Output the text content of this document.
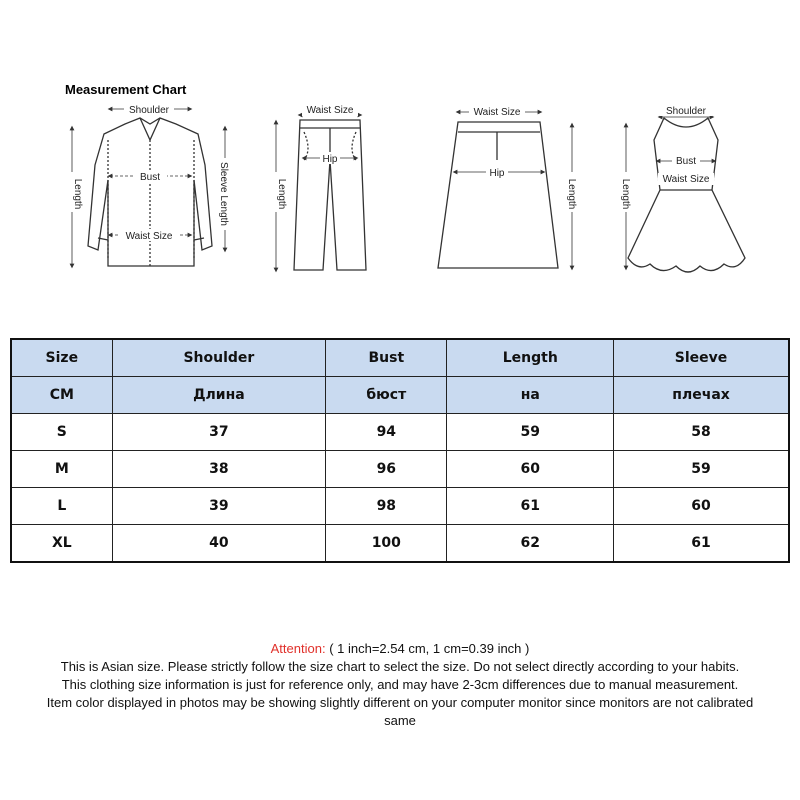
Measurement Chart
Shoulder
Bust
Waist Size
Length	Sleeve Length
Waist Size
Hip
Length
Waist Size
Hip
Length
Shoulder
Bust
Waist Size
Length
Size	Shoulder	Bust	Length	Sleeve
CM	Длина	бюст	на	плечах
S	37	94	59	58
M	38	96	60	59
L	39	98	61	60
XL	40	100	62	61
Attention: ( 1 inch=2.54 cm, 1 cm=0.39 inch )
This is Asian size. Please strictly follow the size chart to select the size. Do not select directly according to your habits.
This clothing size information is just for reference only, and may have 2-3cm differences due to manual measurement.
Item color displayed in photos may be showing slightly different on your computer monitor since monitors are not calibrated
same
